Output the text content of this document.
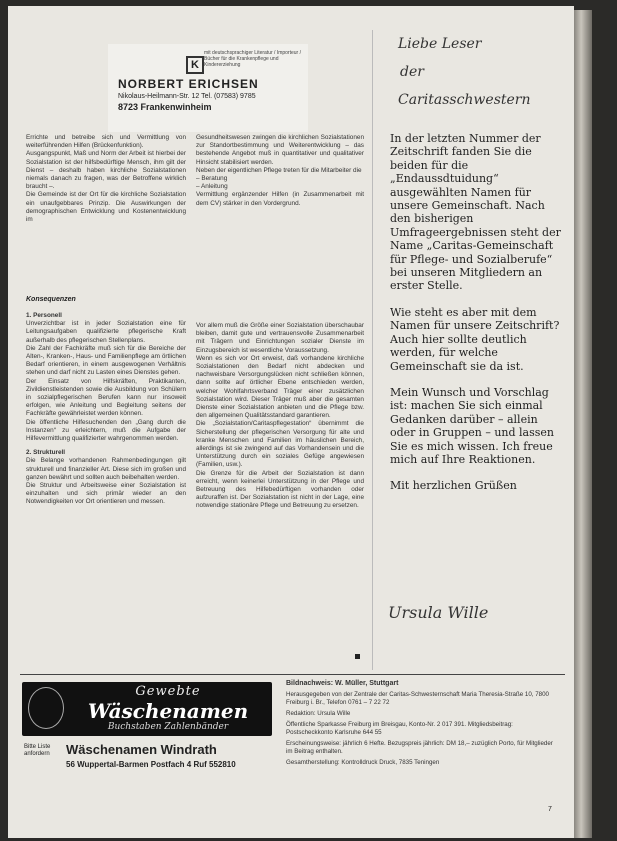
K
mit deutschsprachiger Literatur / Importeur / Bücher für die Krankenpflege und Kindererziehung
NORBERT ERICHSEN
Nikolaus-Heilmann-Str. 12 Tel. (07583) 9785
8723 Frankenwinheim

Errichte und betreibe sich und Vermittlung von weiterführenden Hilfen (Brückenfunktion).

Ausgangspunkt, Maß und Norm der Arbeit ist hierbei der Sozialstation ist der hilfsbedürftige Mensch, ihm gilt der Dienst – deshalb haben kirchliche Sozialstationen niemals danach zu fragen, was der Betroffene wirklich braucht –.

Die Gemeinde ist der Ort für die kirchliche Sozialstation ein unaufgebbares Prinzip. Die Auswirkungen der demographischen Entwicklung und Kostenentwicklung im

Gesundheitswesen zwingen die kirchlichen Sozialstationen zur Standortbestimmung und Weiterentwicklung – das bestehende Angebot muß in quantitativer und qualitativer Hinsicht stabilisiert werden.

Neben der eigentlichen Pflege treten für die Mitarbeiter die

– Beratung

– Anleitung

Vermittlung ergänzender Hilfen (in Zusammenarbeit mit dem CV) stärker in den Vordergrund.

Konsequenzen

1. Personell

Unverzichtbar ist in jeder Sozialstation eine für Leitungsaufgaben qualifizierte pflegerische Kraft außerhalb des pflegerischen Stellenplans.

Die Zahl der Fachkräfte muß sich für die Bereiche der Alten-, Kranken-, Haus- und Familienpflege am örtlichen Bedarf orientieren, in einem ausgewogenen Verhältnis stehen und darf nicht zu Lasten eines Dienstes gehen.

Der Einsatz von Hilfskräften, Praktikanten, Zivildienstleistenden sowie die Ausbildung von Schülern in sozialpflegerischen Berufen kann nur insoweit erfolgen, wie Anleitung und Begleitung seitens der Fachkräfte gewährleistet werden können.

Die öffentliche Hilfesuchenden den „Gang durch die Instanzen“ zu erleichtern, muß die Aufgabe der Hilfevermittlung qualifizierter wahrgenommen werden.

2. Strukturell

Die Belange vorhandenen Rahmenbedingungen gilt strukturell und finanzieller Art. Diese sich im großen und ganzen bewährt und sollten auch beibehalten werden.

Die Struktur und Arbeitsweise einer Sozialstation ist einzuhalten und sich primär wieder an den Notwendigkeiten vor Ort orientieren und messen.

Vor allem muß die Größe einer Sozialstation überschaubar bleiben, damit gute und vertrauensvolle Zusammenarbeit mit Trägern und Einrichtungen sozialer Dienste im Einzugsbereich ist wesentliche Voraussetzung.

Wenn es sich vor Ort erweist, daß vorhandene kirchliche Sozialstationen den Bedarf nicht abdecken und nachweisbare Versorgungslücken nicht schließen können, dann sollte auf örtlicher Ebene entschieden werden, welcher Wohlfahrtsverband Träger einer zusätzlichen Sozialstation wird. Dieser Träger muß aber die gesamten Dienste einer Sozialstation anbieten und die Pflege bzw. den allgemeinen Qualitätsstandard garantieren.

Die „Sozialstation/Caritaspflegestation“ übernimmt die Sicherstellung der pflegerischen Versorgung für alte und kranke Menschen und Familien im häuslichen Bereich, allerdings ist sie zwingend auf das Vorhandensein und die Unterstützung durch ein soziales Gefüge angewiesen (Familien, usw.).

Die Grenze für die Arbeit der Sozialstation ist dann erreicht, wenn keinerlei Unterstützung in der Pflege und Betreuung des Hilfebedürftigen vorhanden oder aufzuraffen ist. Der Sozialstation ist nicht in der Lage, eine notwendige stationäre Pflege und Betreuung zu ersetzen.

Liebe Leser
der
Caritasschwestern

In der letzten Nummer der Zeitschrift fanden Sie die beiden für die „Endaussdtuidung“ ausgewählten Namen für unsere Gemeinschaft. Nach den bisherigen Umfrageergebnissen steht der Name „Caritas-Gemeinschaft für Pflege- und Sozialberufe“ bei unseren Mitgliedern an erster Stelle.

Wie steht es aber mit dem Namen für unsere Zeitschrift? Auch hier sollte deutlich werden, für welche Gemeinschaft sie da ist.

Mein Wunsch und Vorschlag ist: machen Sie sich einmal Gedanken darüber – allein oder in Gruppen – und lassen Sie es mich wissen. Ich freue mich auf Ihre Reaktionen.

Mit herzlichen Grüßen

Ursula Wille
Gewebte
Wäschenamen
Buchstaben Zahlenbänder
Bitte Liste anfordern	Wäschenamen Windrath
56 Wuppertal-Barmen Postfach 4 Ruf 552810

Bildnachweis: W. Müller, Stuttgart

Herausgegeben von der Zentrale der Caritas-Schwesternschaft Maria Theresia-Straße 10, 7800 Freiburg i. Br., Telefon 0761 – 7 22 72

Redaktion: Ursula Wille

Öffentliche Sparkasse Freiburg im Breisgau, Konto-Nr. 2 017 391. Mitgliedsbeitrag: Postscheckkonto Karlsruhe 644 55

Erscheinungsweise: jährlich 6 Hefte. Bezugspreis jährlich: DM 18,– zuzüglich Porto, für Mitglieder im Beitrag enthalten.

Gesamtherstellung: Kontrolldruck Druck, 7835 Teningen

7
